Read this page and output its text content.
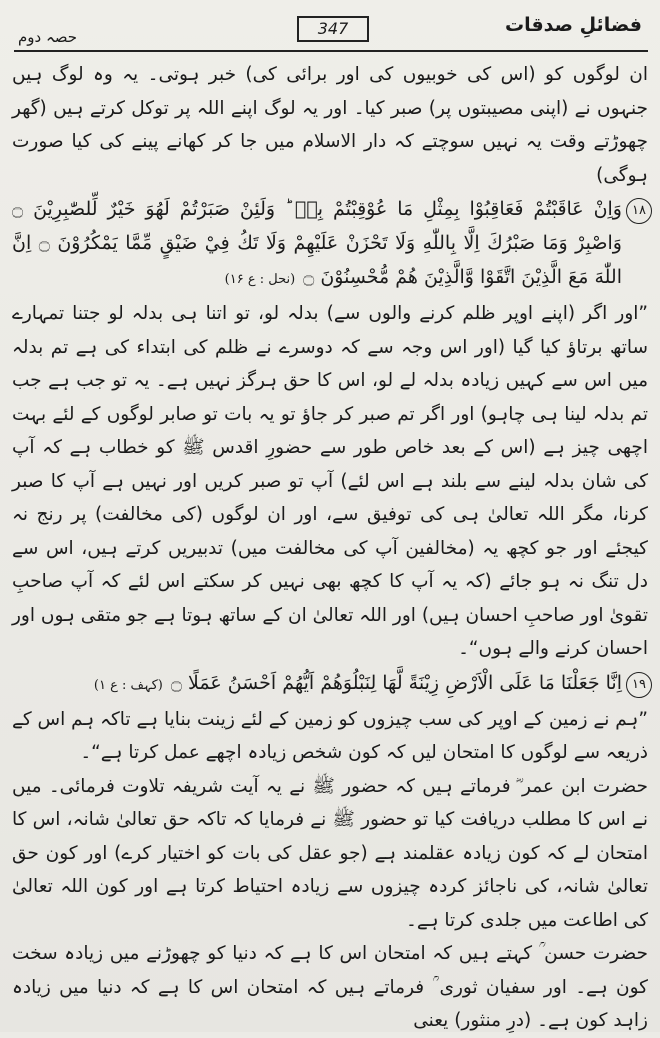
حصہ دوم	347	فضائلِ صدقات

ان لوگوں کو (اس کی خوبیوں کی اور برائی کی) خبر ہوتی۔ یہ وہ لوگ ہیں جنہوں نے (اپنی مصیبتوں پر) صبر کیا۔ اور یہ لوگ اپنے اللہ پر توکل کرتے ہیں (گھر چھوڑتے وقت یہ نہیں سوچتے کہ دار الاسلام میں جا کر کھانے پینے کی کیا صورت ہوگی)

۱۸

وَاِنْ عَاقَبْتُمْ فَعَاقِبُوْا بِمِثْلِ مَا عُوْقِبْتُمْ بِهٖ ؕ وَلَئِنْ صَبَرْتُمْ لَهُوَ خَيْرٌ لِّلصّٰبِرِيْنَ ۝ وَاصْبِرْ وَمَا صَبْرُكَ اِلَّا بِاللّٰهِ وَلَا تَحْزَنْ عَلَيْهِمْ وَلَا تَكُ فِيْ ضَيْقٍ مِّمَّا يَمْكُرُوْنَ ۝ اِنَّ اللّٰهَ مَعَ الَّذِيْنَ اتَّقَوْا وَّالَّذِيْنَ هُمْ مُّحْسِنُوْنَ ۝(نحل : ع ۱۶)

”اور اگر (اپنے اوپر ظلم کرنے والوں سے) بدلہ لو، تو اتنا ہی بدلہ لو جتنا تمہارے ساتھ برتاؤ کیا گیا (اور اس وجہ سے کہ دوسرے نے ظلم کی ابتداء کی ہے تم بدلہ میں اس سے کہیں زیادہ بدلہ لے لو، اس کا حق ہرگز نہیں ہے۔ یہ تو جب ہے جب تم بدلہ لینا ہی چاہو) اور اگر تم صبر کر جاؤ تو یہ بات تو صابر لوگوں کے لئے بہت اچھی چیز ہے (اس کے بعد خاص طور سے حضورِ اقدس ﷺ کو خطاب ہے کہ آپ کی شان بدلہ لینے سے بلند ہے اس لئے) آپ تو صبر کریں اور نہیں ہے آپ کا صبر کرنا، مگر اللہ تعالیٰ ہی کی توفیق سے، اور ان لوگوں (کی مخالفت) پر رنج نہ کیجئے اور جو کچھ یہ (مخالفین آپ کی مخالفت میں) تدبیریں کرتے ہیں، اس سے دل تنگ نہ ہو جائے (کہ یہ آپ کا کچھ بھی نہیں کر سکتے اس لئے کہ آپ صاحبِ تقویٰ اور صاحبِ احسان ہیں) اور اللہ تعالیٰ ان کے ساتھ ہوتا ہے جو متقی ہوں اور احسان کرنے والے ہوں“۔

۱۹

اِنَّا جَعَلْنَا مَا عَلَى الْاَرْضِ زِيْنَةً لَّهَا لِنَبْلُوَهُمْ اَيُّهُمْ اَحْسَنُ عَمَلًا ۝(کہف : ع ۱)

”ہم نے زمین کے اوپر کی سب چیزوں کو زمین کے لئے زینت بنایا ہے تاکہ ہم اس کے ذریعہ سے لوگوں کا امتحان لیں کہ کون شخص زیادہ اچھے عمل کرتا ہے“۔

حضرت ابن عمر ؓ فرماتے ہیں کہ حضور ﷺ نے یہ آیت شریفہ تلاوت فرمائی۔ میں نے اس کا مطلب دریافت کیا تو حضور ﷺ نے فرمایا کہ تاکہ حق تعالیٰ شانہ، اس کا امتحان لے کہ کون زیادہ عقلمند ہے (جو عقل کی بات کو اختیار کرے) اور کون حق تعالیٰ شانہ، کی ناجائز کردہ چیزوں سے زیادہ احتیاط کرتا ہے اور کون اللہ تعالیٰ کی اطاعت میں جلدی کرتا ہے۔

حضرت حسن ؒ کہتے ہیں کہ امتحان اس کا ہے کہ دنیا کو چھوڑنے میں زیادہ سخت کون ہے۔ اور سفیان ثوری ؒ فرماتے ہیں کہ امتحان اس کا ہے کہ دنیا میں زیادہ زاہد کون ہے۔ (درِ منثور) یعنی
